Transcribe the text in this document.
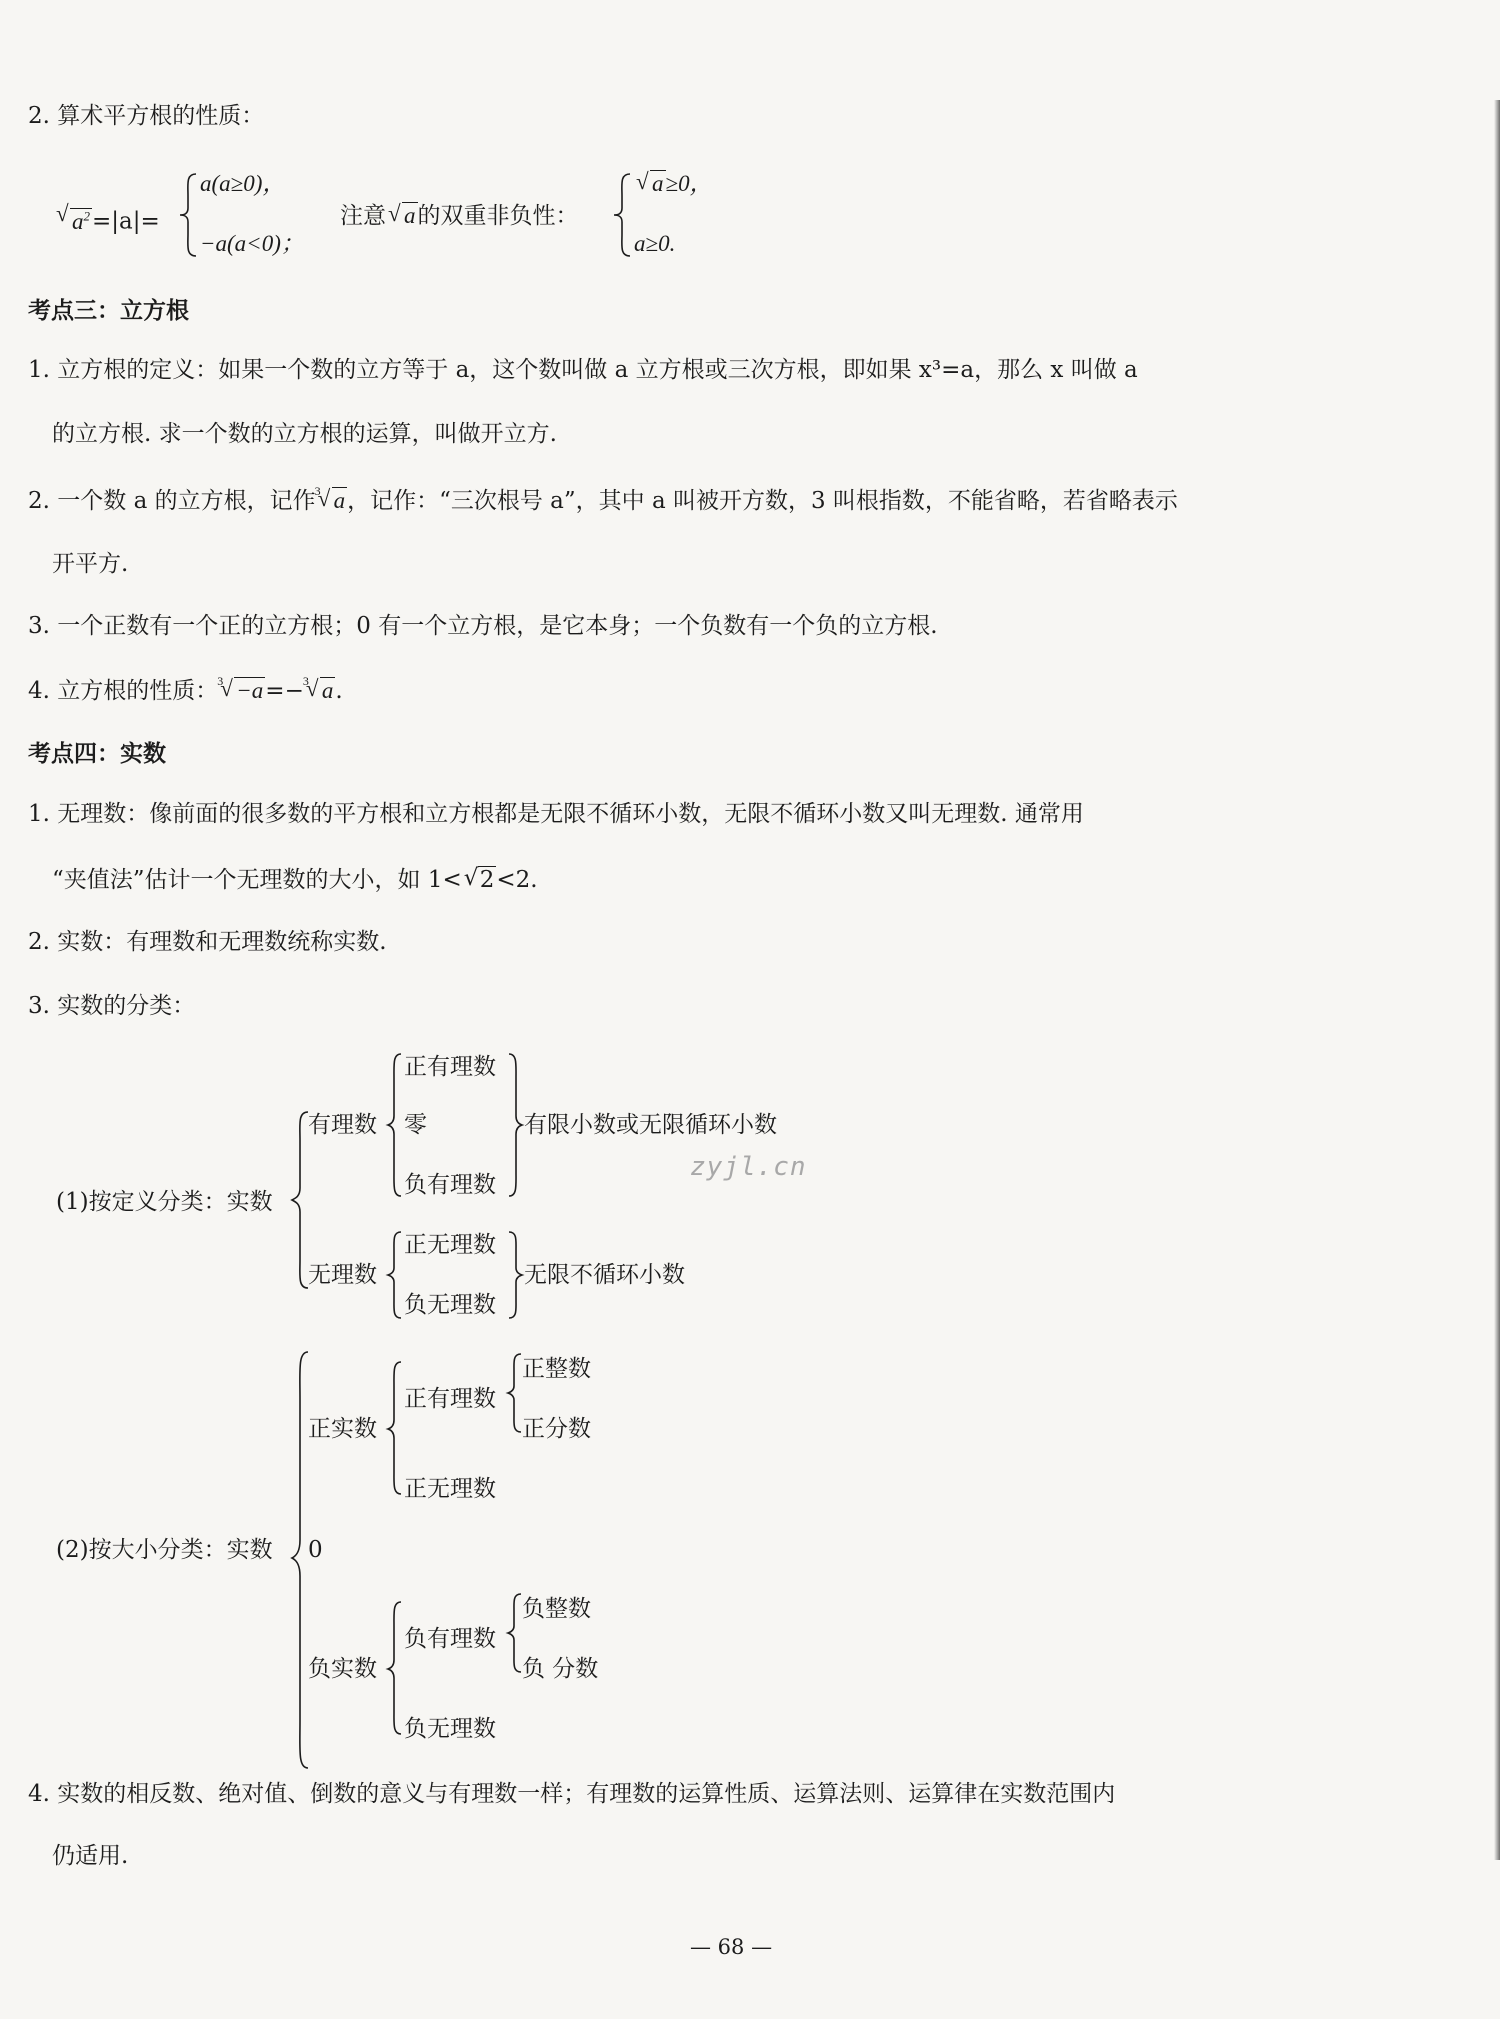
2. 算术平方根的性质：
√ $a^2=|a|=$
a(a≥0)，
−a(a<0)；
注意 √ a的双重非负性：
√ a≥0，
a≥0.
考点三：立方根
1. 立方根的定义：如果一个数的立方等于 a，这个数叫做 a 立方根或三次方根，即如果 x³=a，那么 x 叫做 a
的立方根. 求一个数的立方根的运算，叫做开立方.
2. 一个数 a 的立方根，记作 √ 3 a，记作：“三次根号 a”，其中 a 叫被开方数，3 叫根指数，不能省略，若省略表示
开平方.
3. 一个正数有一个正的立方根；0 有一个立方根，是它本身；一个负数有一个负的立方根.
4. 立方根的性质： √ 3 −a=− √ 3 a.
考点四：实数
1. 无理数：像前面的很多数的平方根和立方根都是无限不循环小数，无限不循环小数又叫无理数. 通常用
“夹值法”估计一个无理数的大小，如 1< √ 2<2.
2. 实数：有理数和无理数统称实数.
3. 实数的分类：
(1)按定义分类：实数
有理数
正有理数
零
负有理数
有限小数或无限循环小数
无理数
正无理数
负无理数
无限不循环小数
zyjl.cn
(2)按大小分类：实数
正实数
正有理数
正整数
正分数
正无理数
0
负实数
负有理数
负整数
负 分数
负无理数
4. 实数的相反数、绝对值、倒数的意义与有理数一样；有理数的运算性质、运算法则、运算律在实数范围内
仍适用.
— 68 —
